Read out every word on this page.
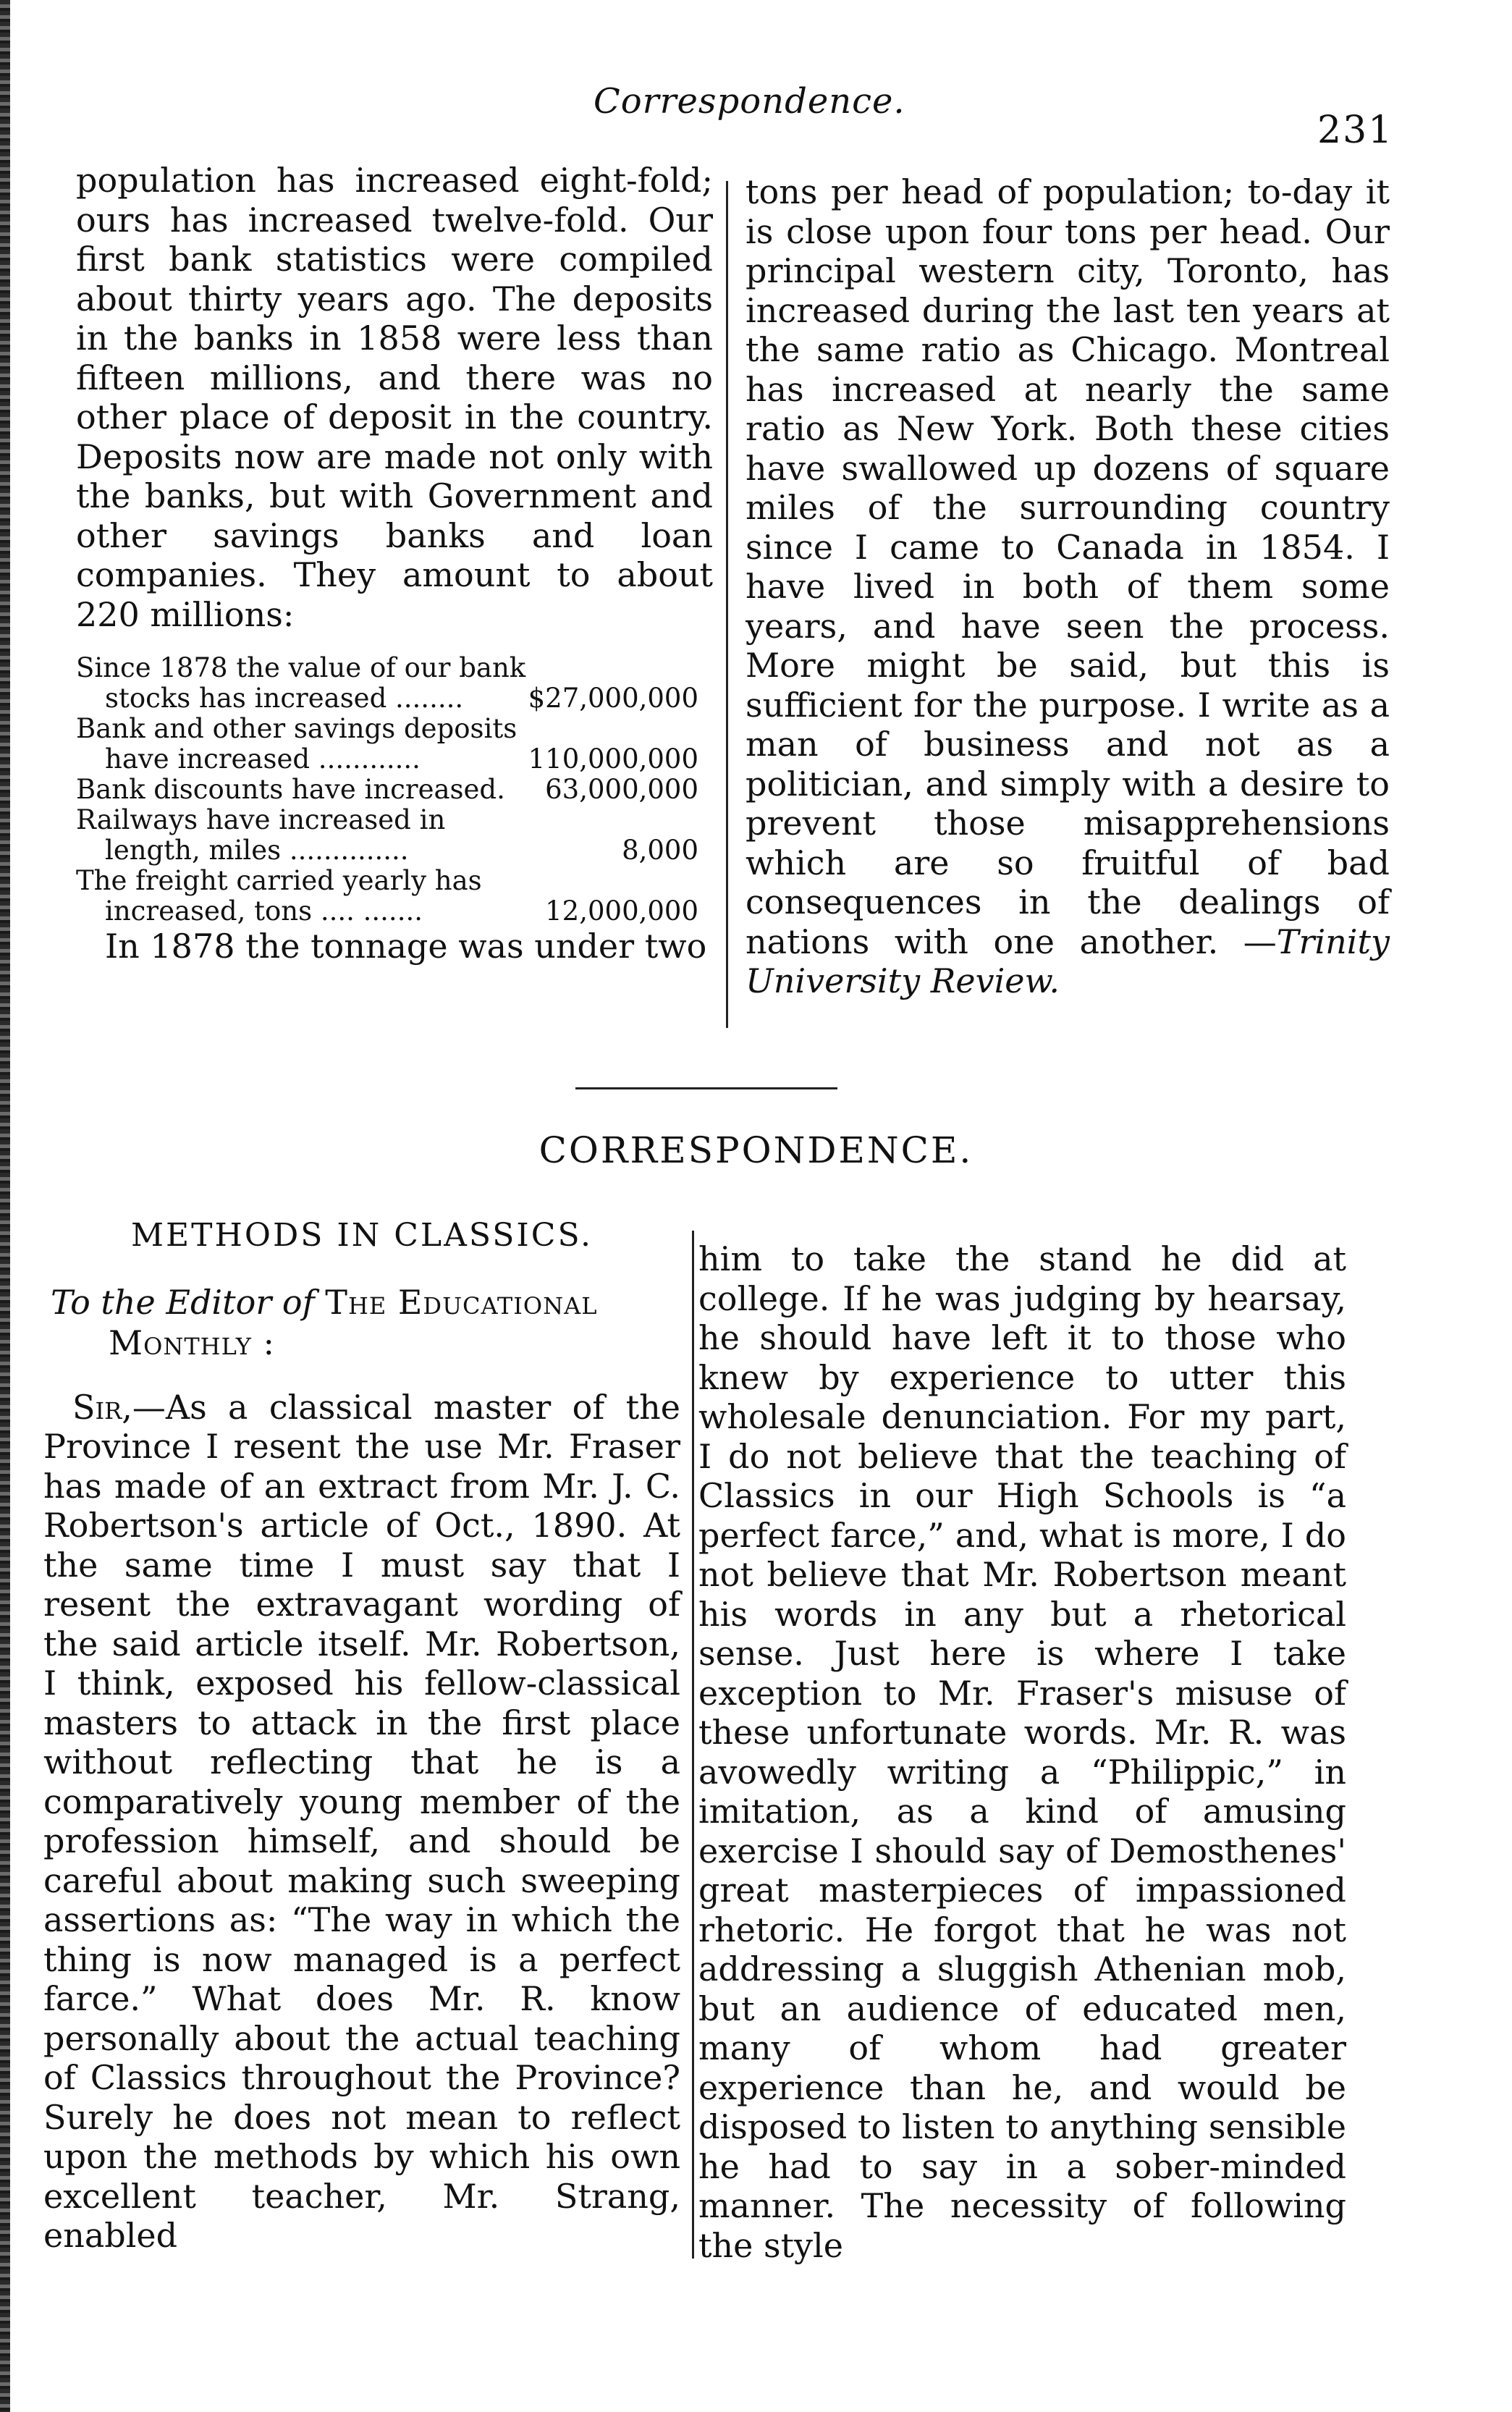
Correspondence.
231

population has increased eight-fold; ours has increased twelve-fold. Our first bank statistics were compiled about thirty years ago. The deposits in the banks in 1858 were less than fifteen millions, and there was no other place of deposit in the country. Deposits now are made not only with the banks, but with Government and other savings banks and loan companies. They amount to about 220 millions:

Since 1878 the value of our bank
stocks has increased ........ $27,000,000
Bank and other savings deposits
have increased ............	110,000,000
Bank discounts have increased. 63,000,000
Railways have increased in
length, miles ..............	8,000
The freight carried yearly has
increased, tons .... .......	12,000,000

In 1878 the tonnage was under two

tons per head of population; to-day it is close upon four tons per head. Our principal western city, Toronto, has increased during the last ten years at the same ratio as Chicago. Montreal has increased at nearly the same ratio as New York. Both these cities have swallowed up dozens of square miles of the surrounding country since I came to Canada in 1854. I have lived in both of them some years, and have seen the process. More might be said, but this is sufficient for the purpose. I write as a man of business and not as a politician, and simply with a desire to prevent those misapprehensions which are so fruitful of bad consequences in the dealings of nations with one another. —Trinity University Review.

CORRESPONDENCE.
METHODS IN CLASSICS.
To the Editor of The Educational
Monthly :

Sir,—As a classical master of the Province I resent the use Mr. Fraser has made of an extract from Mr. J. C. Robertson's article of Oct., 1890. At the same time I must say that I resent the extravagant wording of the said article itself. Mr. Robertson, I think, exposed his fellow-classical masters to attack in the first place without reflecting that he is a comparatively young member of the profession himself, and should be careful about making such sweeping assertions as: “The way in which the thing is now managed is a perfect farce.” What does Mr. R. know personally about the actual teaching of Classics throughout the Province? Surely he does not mean to reflect upon the methods by which his own excellent teacher, Mr. Strang, enabled

him to take the stand he did at college. If he was judging by hearsay, he should have left it to those who knew by experience to utter this wholesale denunciation. For my part, I do not believe that the teaching of Classics in our High Schools is “a perfect farce,” and, what is more, I do not believe that Mr. Robertson meant his words in any but a rhetorical sense. Just here is where I take exception to Mr. Fraser's misuse of these unfortunate words. Mr. R. was avowedly writing a “Philippic,” in imitation, as a kind of amusing exercise I should say of Demosthenes' great masterpieces of impassioned rhetoric. He forgot that he was not addressing a sluggish Athenian mob, but an audience of educated men, many of whom had greater experience than he, and would be disposed to listen to anything sensible he had to say in a sober-minded manner. The necessity of following the style
